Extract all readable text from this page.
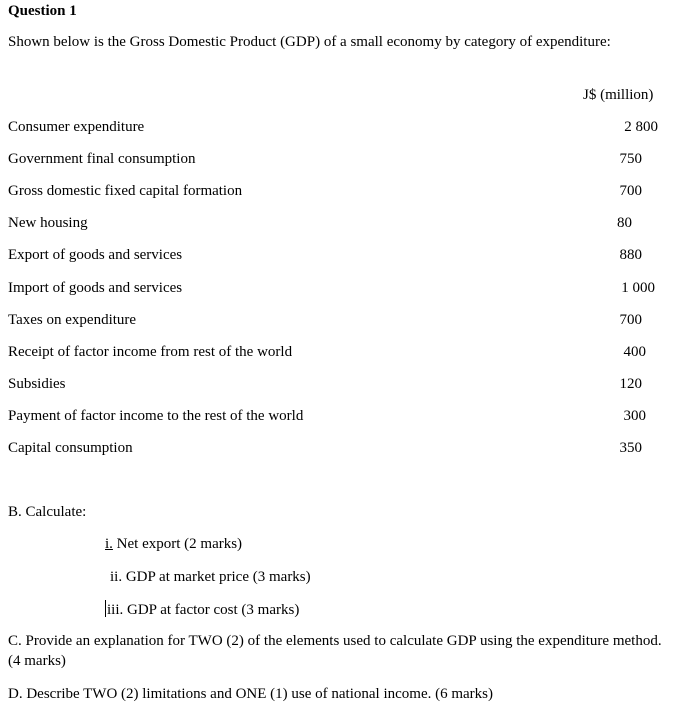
Question 1
Shown below is the Gross Domestic Product (GDP) of a small economy by category of expenditure:
J$ (million)
Consumer expenditure	2 800
Government final consumption	750
Gross domestic fixed capital formation	700
New housing	80
Export of goods and services	880
Import of goods and services	1 000
Taxes on expenditure	700
Receipt of factor income from rest of the world	400
Subsidies	120
Payment of factor income to the rest of the world	300
Capital consumption	350
B. Calculate:
i. Net export (2 marks)
ii. GDP at market price (3 marks)
iii. GDP at factor cost (3 marks)
C. Provide an explanation for TWO (2) of the elements used to calculate GDP using the expenditure method. (4 marks)
D. Describe TWO (2) limitations and ONE (1) use of national income. (6 marks)
